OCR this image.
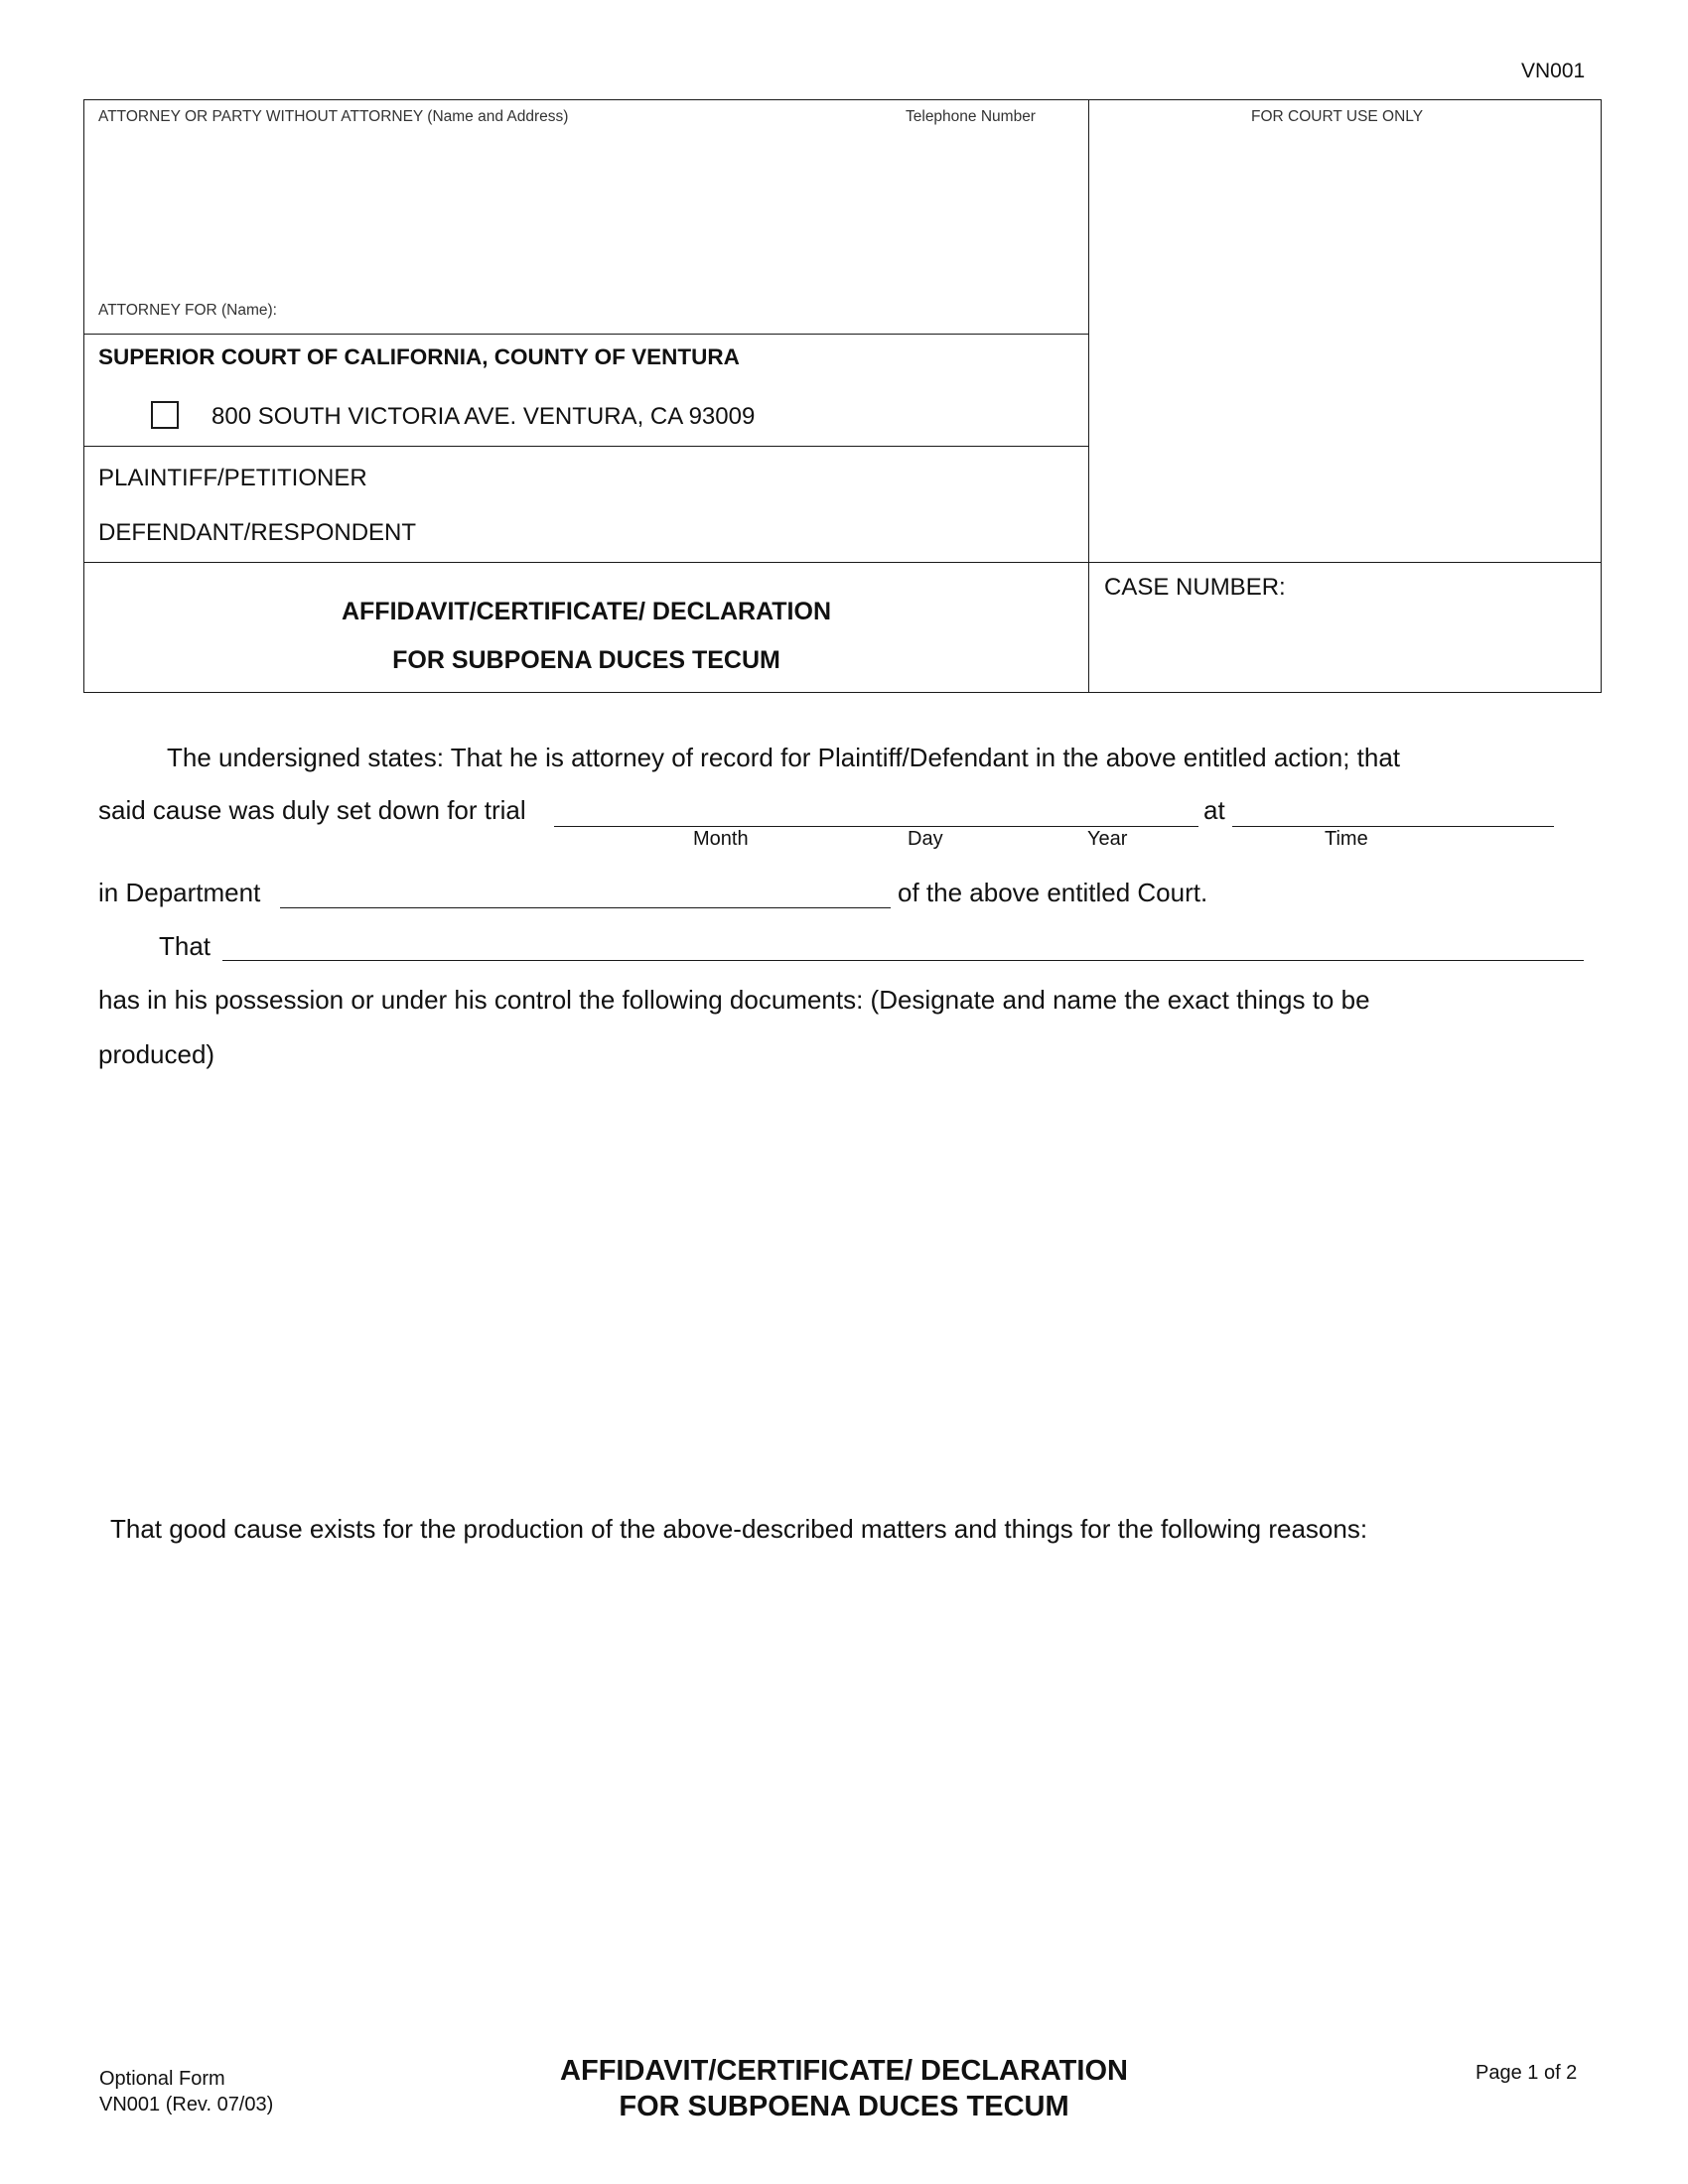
VN001
ATTORNEY OR PARTY WITHOUT ATTORNEY (Name and Address)	Telephone Number
ATTORNEY FOR (Name):
FOR COURT USE ONLY
SUPERIOR COURT OF CALIFORNIA, COUNTY OF VENTURA
800 SOUTH VICTORIA AVE. VENTURA, CA 93009
PLAINTIFF/PETITIONER
DEFENDANT/RESPONDENT
AFFIDAVIT/CERTIFICATE/ DECLARATION
FOR SUBPOENA DUCES TECUM
CASE NUMBER:
The undersigned states: That he is attorney of record for Plaintiff/Defendant in the above entitled action; that
said cause was duly set down for trial	at
Month	Day	Year	Time
in Department	of the above entitled Court.
That
has in his possession or under his control the following documents: (Designate and name the exact things to be
produced)
That good cause exists for the production of the above-described matters and things for the following reasons:
Optional Form
VN001 (Rev. 07/03)
AFFIDAVIT/CERTIFICATE/ DECLARATION
FOR SUBPOENA DUCES TECUM
Page 1 of 2
